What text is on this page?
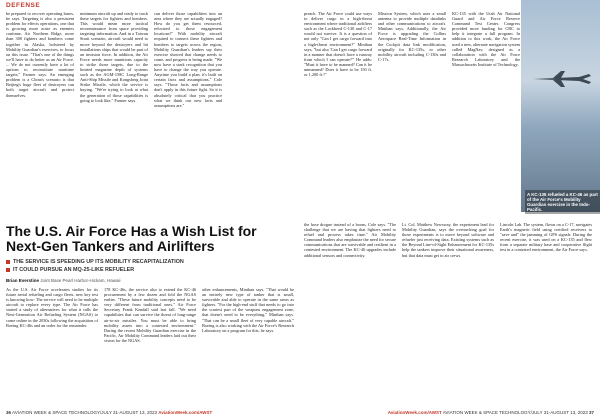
DEFENSE

be prepared to recover operating bases, he says. Targeting is also a persistent problem for effects operations, one that is growing more acute as enemies continue, Air Northern Ridge, more than 300 fighters and bombers come together in Alaska, bolstered by Mobility Guardian's exercises, to focus on this issue. "That's one of the things we'll have to do better as an Air Force. ... We do not currently have a lot of options to reconstitute maritime targets," Farmer says. An emerging problem is a China's scenario is that Beijing's huge fleet of destroyers can both target aircraft and protect themselves.

minimum aircraft up and ready to track these targets for fighters and bombers. This would mean more tactical reconnaissance from space providing targeting information. And in a Taiwan Strait scenario, aircraft would need to move beyond the destroyers and hit installations ships that would be part of an invasion force. In addition, the Air Force needs more munitions capacity to strike those targets, due to the limited magazine depth of systems such as the AGM-158C Long-Range Anti-Ship Missile and Kongsberg Joint Strike Missile, which the service is buying. "We're trying to look at what the generation of those capabilities is going to look like," Farmer says.

can deliver those capabilities into an area where they are actually engaged? How do you get them resourced, relocated to those engagement locations?" With mobility aircraft required to connect these fighters and bombers to targets across the region, Mobility Guardian's leaders say their exercise showed that change needs to come, and progress is being made. "We now have a stark recognition that you have to change the way you operate. Anytime you build a plan, it's built on certain facts and assumptions," Cole says. "Those facts and assumptions don't apply in this future fight. So it is absolutely critical that you practice what we think our new facts and assumptions are."

The U.S. Air Force Has a Wish List for Next-Gen Tankers and Airlifters
THE SERVICE IS SPEEDING UP ITS MOBILITY RECAPITALIZATION
IT COULD PURSUE AN MQ-25-LIKE REFUELER
Brian Everstine Joint Base Pearl Harbor-Hickam, Hawaii

As the U.S. Air Force accelerates studies for its future aerial refueling and cargo fleets, new key test is knowing how: The service will need to be multiple aircraft to replace every type. The Air Force has started a study of alternatives for what it calls the Next-Generation Air Refueling System (NGAS) to come online in the 2030s following the acquisition of Boeing KC-46s and an order for the remainder.

178 KC-46s, the service also to extend the KC-46 procurement by a few dozen and fold the NGAS earlier. "These future mobility concepts need to be very different from traditional ones," Air Force Secretary Frank Kendall said last fall. "We need capabilities that can survive the threat of long-range air-to-air missiles. You must be able to bring mobility assets into a contested environment." During the recent Mobility Guardian exercise in the Pacific, Air Mobility Command leaders laid out their vision for the NGAS.

other enhancements, Minihan says. "That would be an entirely new type of tanker that is small, survivable and able to operate in the same areas as fighters. "For the high-end stuff that needs to go into the scariest part of the weapons engagement zone, that doesn't need to be everything," Minihan says. "That can be a small fleet of very capable aircraft." Boeing is also working with the Air Force's Research Laboratory on a program for this, he says.

36 AVIATION WEEK & SPACE TECHNOLOGY/JULY 31-AUGUST 13, 2023 AviationWeek.com/AWST

preach. The Air Force could use ways to deliver cargo in a high-threat environment where traditional airlifters such as the Lockheed C-130 and C-17 would not survive. It is a question of not only "Can I get cargo forward into a high-threat environment?" Minihan says, "but also 'Can I get cargo forward in a manner that doesn't have a runway from which I can operate?'" He adds: "Must it have to be manned? Can it be unmanned? Does it have to be 150 ft. or 1,200 ft.?"

Mission System, which uses a small antenna to provide multiple datalinks and other communications to aircraft. Minihan says, Additionally, the Air Force is upgrading the Collins Aerospace Real-Time Information in the Cockpit data link modification, originally for KC-135s, to other mobility aircraft including C-130s and C-17s.

KC-135 with the Utah Air National Guard and Air Force Reserve Command Test Center. Congress provided more funding for CRC to help it integrate a full program. In addition to this work, the Air Force used a new, alternate navigation system called MagNav, designed as a collaboration with the Air Force Research Laboratory and the Massachusetts Institute of Technology.

A KC-135 refueled a KC-46 as part of the Air Force's Mobility Guardian exercise in the Indo-Pacific.

the hose drogue instead of a boom, Cole says. "The challenge that we are having that fighters need to refuel and process takes time." Air Mobility Command leaders also emphasize the need for secure communications that are survivable and resilient in a contested environment. The KC-46 upgrades include additional sensors and connectivity.

Lt. Col. Matthew Newsway, the experiment lead for Mobility Guardian, says the overarching goal for those experiments is to move beyond software and refueler just receiving data. Existing systems such as the Beyond Line-of-Sight Enhancement for KC-135s help the tankers improve their situational awareness, but that data must get to air crews.

Lincoln Lab. The system, flown on a C-17, navigates Earth's magnetic field using certified receivers to "save and" the jamming of GPS signals. During the recent exercise, it was used on a KC-135 and flew from a separate military base and cooperative flight test in a contested environment, the Air Force says.

AviationWeek.com/AWST AVIATION WEEK & SPACE TECHNOLOGY/JULY 31-AUGUST 13, 2023 37
